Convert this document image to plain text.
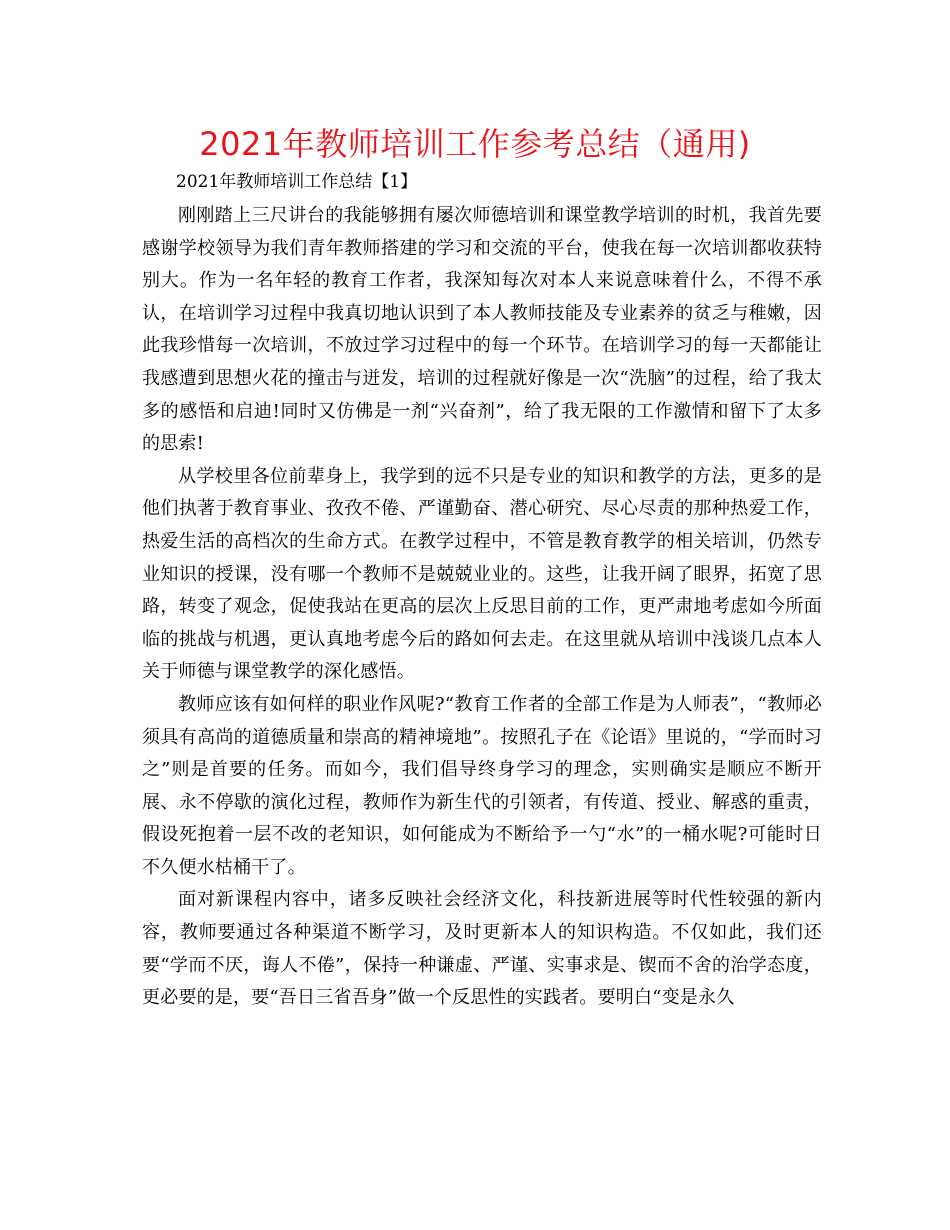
2021年教师培训工作参考总结（通用)

2021年教师培训工作总结【1】

刚刚踏上三尺讲台的我能够拥有屡次师德培训和课堂教学培训的时机，我首先要感谢学校领导为我们青年教师搭建的学习和交流的平台，使我在每一次培训都收获特别大。作为一名年轻的教育工作者，我深知每次对本人来说意味着什么，不得不承认，在培训学习过程中我真切地认识到了本人教师技能及专业素养的贫乏与稚嫩，因此我珍惜每一次培训，不放过学习过程中的每一个环节。在培训学习的每一天都能让我感遭到思想火花的撞击与迸发，培训的过程就好像是一次“洗脑”的过程，给了我太多的感悟和启迪!同时又仿佛是一剂“兴奋剂”，给了我无限的工作激情和留下了太多的思索!

从学校里各位前辈身上，我学到的远不只是专业的知识和教学的方法，更多的是他们执著于教育事业、孜孜不倦、严谨勤奋、潜心研究、尽心尽责的那种热爱工作，热爱生活的高档次的生命方式。在教学过程中，不管是教育教学的相关培训，仍然专业知识的授课，没有哪一个教师不是兢兢业业的。这些，让我开阔了眼界，拓宽了思路，转变了观念，促使我站在更高的层次上反思目前的工作，更严肃地考虑如今所面临的挑战与机遇，更认真地考虑今后的路如何去走。在这里就从培训中浅谈几点本人关于师德与课堂教学的深化感悟。

教师应该有如何样的职业作风呢?“教育工作者的全部工作是为人师表”，“教师必须具有高尚的道德质量和崇高的精神境地”。按照孔子在《论语》里说的，“学而时习之”则是首要的任务。而如今，我们倡导终身学习的理念，实则确实是顺应不断开展、永不停歇的演化过程，教师作为新生代的引领者，有传道、授业、解惑的重责，假设死抱着一层不改的老知识，如何能成为不断给予一勺“水”的一桶水呢?可能时日不久便水枯桶干了。

面对新课程内容中，诸多反映社会经济文化，科技新进展等时代性较强的新内容，教师要通过各种渠道不断学习，及时更新本人的知识构造。不仅如此，我们还要“学而不厌，诲人不倦”，保持一种谦虚、严谨、实事求是、锲而不舍的治学态度，更必要的是，要“吾日三省吾身”做一个反思性的实践者。要明白“变是永久
